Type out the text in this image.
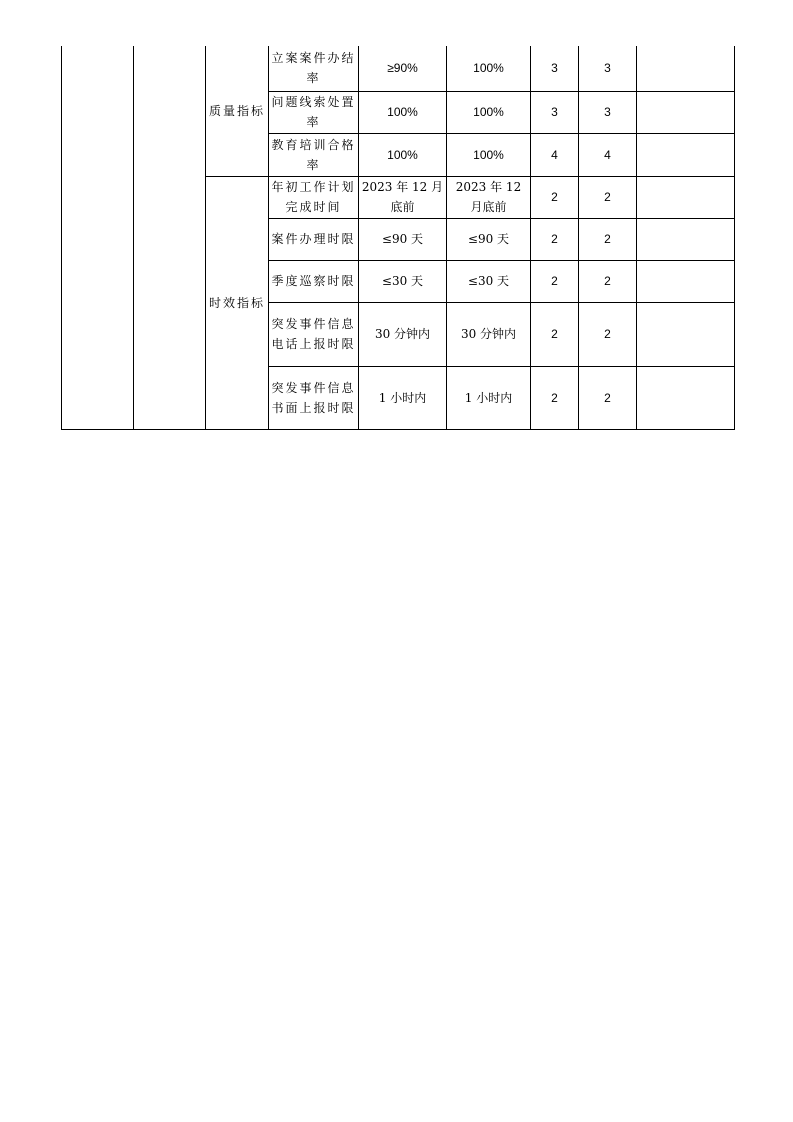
		质量指标	立案案件办结率	≥90%	100%	3	3	
			问题线索处置率	100%	100%	3	3	
			教育培训合格率	100%	100%	4	4	
		时效指标	年初工作计划完成时间	2023 年 12 月底前	2023 年 12 月底前	2	2	
			案件办理时限	≤90 天	≤90 天	2	2	
			季度巡察时限	≤30 天	≤30 天	2	2	
			突发事件信息电话上报时限	30 分钟内	30 分钟内	2	2	
			突发事件信息书面上报时限	1 小时内	1 小时内	2	2	
